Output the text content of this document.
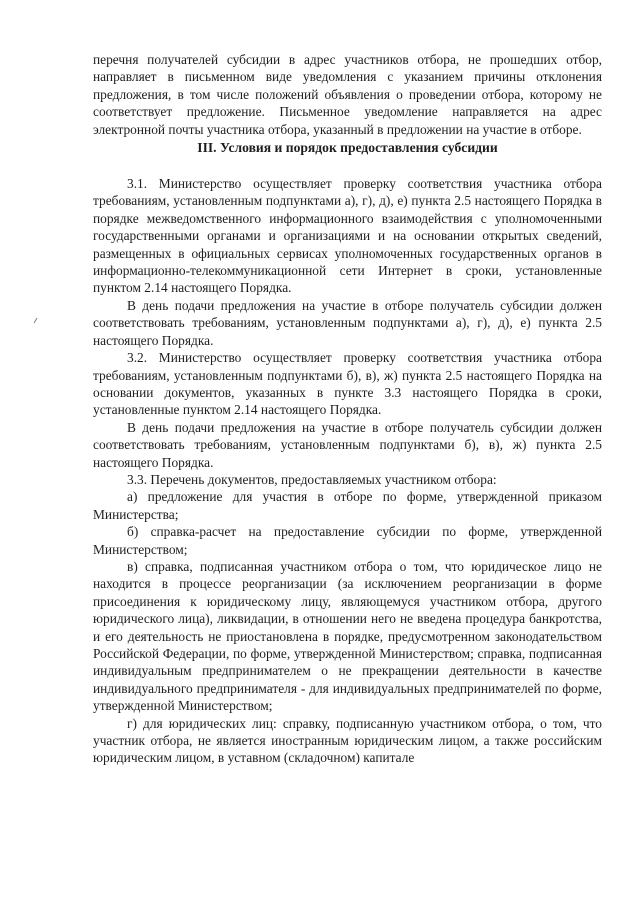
перечня получателей субсидии в адрес участников отбора, не прошедших отбор, направляет в письменном виде уведомления с указанием причины отклонения предложения, в том числе положений объявления о проведении отбора, которому не соответствует предложение. Письменное уведомление направляется на адрес электронной почты участника отбора, указанный в предложении на участие в отборе.

III. Условия и порядок предоставления субсидии

3.1. Министерство осуществляет проверку соответствия участника отбора требованиям, установленным подпунктами а), г), д), е) пункта 2.5 настоящего Порядка в порядке межведомственного информационного взаимодействия с уполномоченными государственными органами и организациями и на основании открытых сведений, размещенных в официальных сервисах уполномоченных государственных органов в информационно-телекоммуникационной сети Интернет в сроки, установленные пунктом 2.14 настоящего Порядка.

В день подачи предложения на участие в отборе получатель субсидии должен соответствовать требованиям, установленным подпунктами а), г), д), е) пункта 2.5 настоящего Порядка.

3.2. Министерство осуществляет проверку соответствия участника отбора требованиям, установленным подпунктами б), в), ж) пункта 2.5 настоящего Порядка на основании документов, указанных в пункте 3.3 настоящего Порядка в сроки, установленные пунктом 2.14 настоящего Порядка.

В день подачи предложения на участие в отборе получатель субсидии должен соответствовать требованиям, установленным подпунктами б), в), ж) пункта 2.5 настоящего Порядка.

3.3. Перечень документов, предоставляемых участником отбора:

а) предложение для участия в отборе по форме, утвержденной приказом Министерства;

б) справка-расчет на предоставление субсидии по форме, утвержденной Министерством;

в) справка, подписанная участником отбора о том, что юридическое лицо не находится в процессе реорганизации (за исключением реорганизации в форме присоединения к юридическому лицу, являющемуся участником отбора, другого юридического лица), ликвидации, в отношении него не введена процедура банкротства, и его деятельность не приостановлена в порядке, предусмотренном законодательством Российской Федерации, по форме, утвержденной Министерством; справка, подписанная индивидуальным предпринимателем о не прекращении деятельности в качестве индивидуального предпринимателя - для индивидуальных предпринимателей по форме, утвержденной Министерством;

г) для юридических лиц: справку, подписанную участником отбора, о том, что участник отбора, не является иностранным юридическим лицом, а также российским юридическим лицом, в уставном (складочном) капитале
